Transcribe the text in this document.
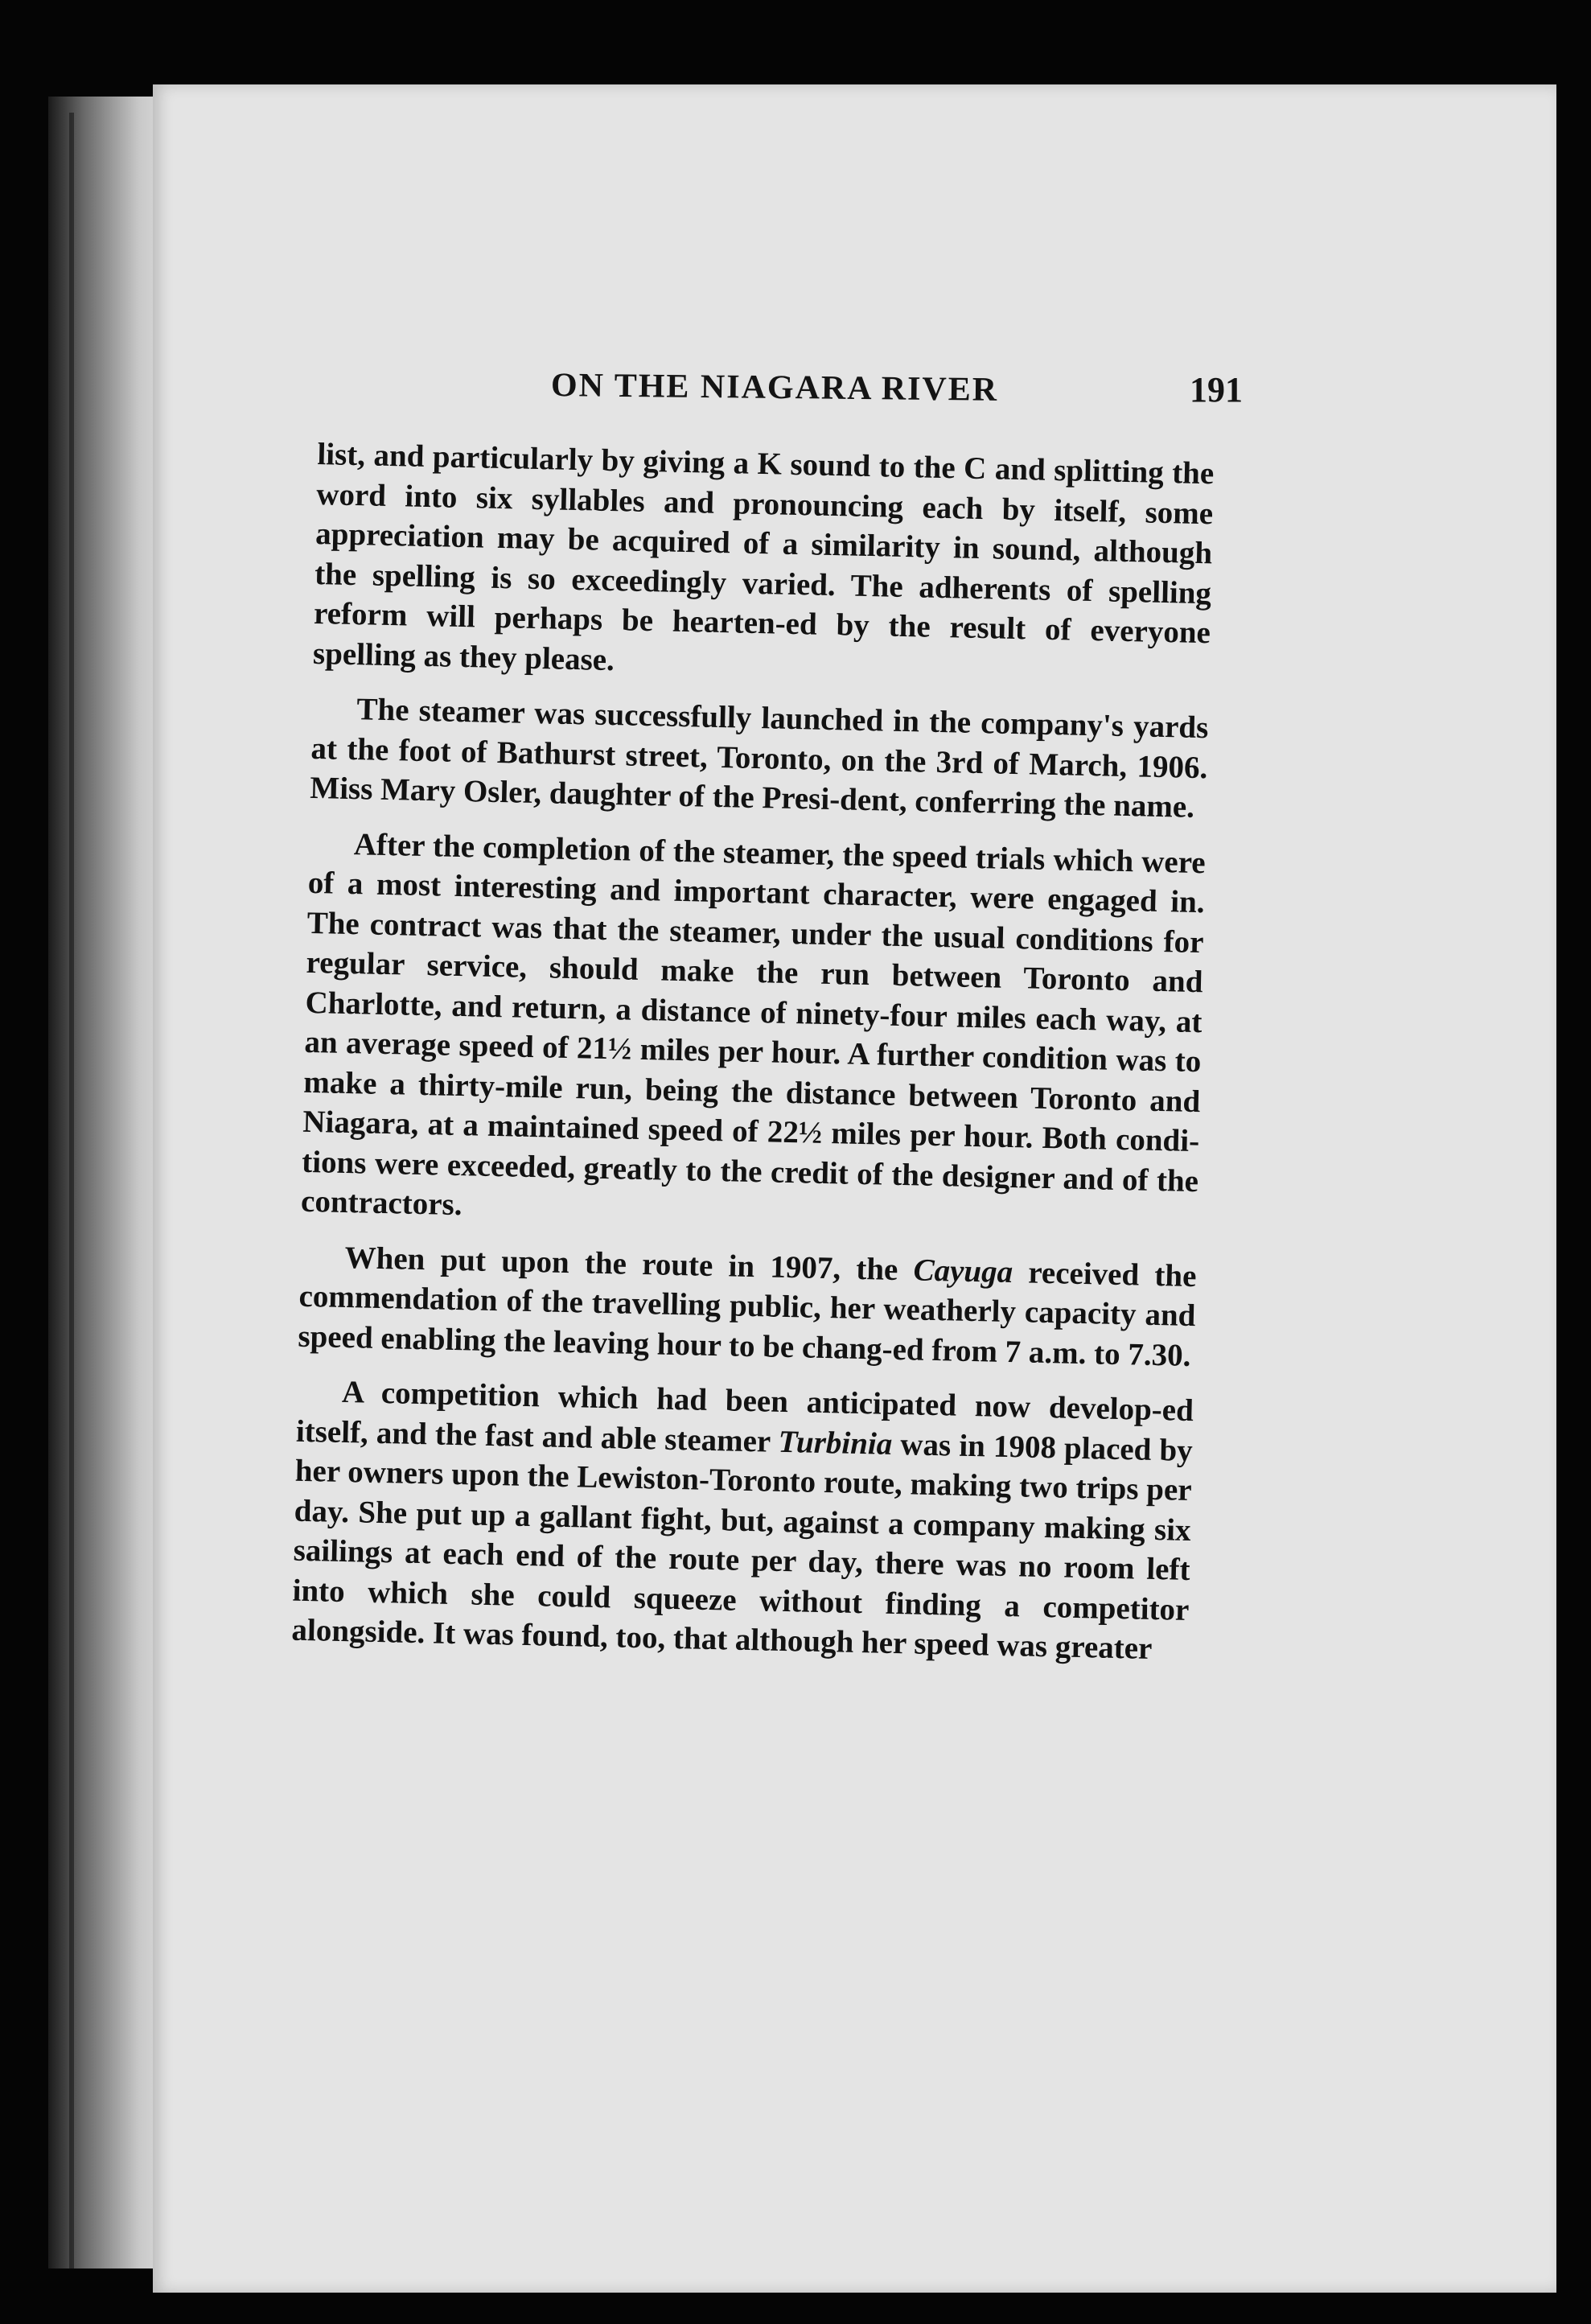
ON THE NIAGARA RIVER	191

list, and particularly by giving a K sound to the C and splitting the word into six syllables and pronouncing each by itself, some appreciation may be acquired of a similarity in sound, although the spelling is so exceedingly varied. The adherents of spelling reform will perhaps be hearten-ed by the result of everyone spelling as they please.

The steamer was successfully launched in the company's yards at the foot of Bathurst street, Toronto, on the 3rd of March, 1906. Miss Mary Osler, daughter of the Presi-dent, conferring the name.

After the completion of the steamer, the speed trials which were of a most interesting and important character, were engaged in. The contract was that the steamer, under the usual conditions for regular service, should make the run between Toronto and Charlotte, and return, a distance of ninety-four miles each way, at an average speed of 21½ miles per hour. A further condition was to make a thirty-mile run, being the distance between Toronto and Niagara, at a maintained speed of 22½ miles per hour. Both condi-tions were exceeded, greatly to the credit of the designer and of the contractors.

When put upon the route in 1907, the Cayuga received the commendation of the travelling public, her weatherly capacity and speed enabling the leaving hour to be chang-ed from 7 a.m. to 7.30.

A competition which had been anticipated now develop-ed itself, and the fast and able steamer Turbinia was in 1908 placed by her owners upon the Lewiston-Toronto route, making two trips per day. She put up a gallant fight, but, against a company making six sailings at each end of the route per day, there was no room left into which she could squeeze without finding a competitor alongside. It was found, too, that although her speed was greater
